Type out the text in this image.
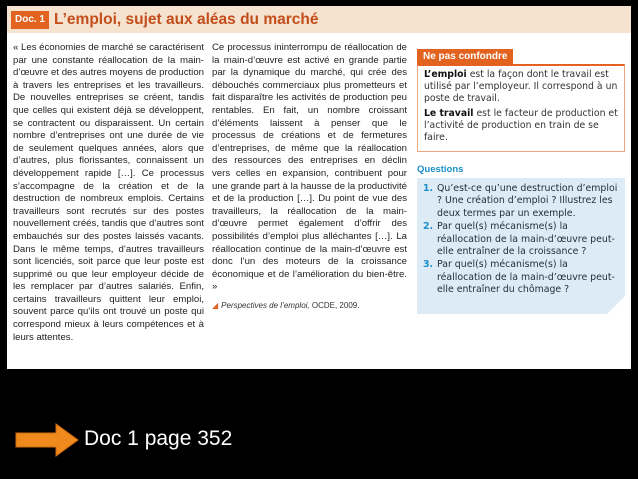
Doc. 1 L’emploi, sujet aux aléas du marché
« Les économies de marché se caractérisent par une constante réallocation de la main-d’œuvre et des autres moyens de production à travers les entreprises et les travailleurs. De nouvelles entreprises se créent, tandis que celles qui existent déjà se développent, se contractent ou disparaissent. Un certain nombre d’entreprises ont une durée de vie de seulement quelques années, alors que d’autres, plus florissantes, connaissent un développement rapide […]. Ce processus s’accompagne de la création et de la destruction de nombreux emplois. Certains travailleurs sont recrutés sur des postes nouvellement créés, tandis que d’autres sont embauchés sur des postes laissés vacants. Dans le même temps, d’autres travailleurs sont licenciés, soit parce que leur poste est supprimé ou que leur employeur décide de les remplacer par d’autres salariés. Enfin, certains travailleurs quittent leur emploi, souvent parce qu’ils ont trouvé un poste qui correspond mieux à leurs compétences et à leurs attentes.
Ce processus ininterrompu de réallocation de la main-d’œuvre est activé en grande partie par la dynamique du marché, qui crée des débouchés commerciaux plus prometteurs et fait disparaître les activités de production peu rentables. En fait, un nombre croissant d’éléments laissent à penser que le processus de créations et de fermetures d’entreprises, de même que la réallocation des ressources des entreprises en déclin vers celles en expansion, contribuent pour une grande part à la hausse de la productivité et de la production […]. Du point de vue des travailleurs, la réallocation de la main-d’œuvre permet également d’offrir des possibilités d’emploi plus alléchantes […]. La réallocation continue de la main-d’œuvre est donc l’un des moteurs de la croissance économique et de l’amélioration du bien-être. »
◢ Perspectives de l’emploi, OCDE, 2009.
Ne pas confondre

L’emploi est la façon dont le travail est utilisé par l’employeur. Il correspond à un poste de travail.

Le travail est le facteur de production et l’activité de production en train de se faire.

Questions
1. Qu’est-ce qu’une destruction d’emploi ? Une création d’emploi ? Illustrez les deux termes par un exemple.
2. Par quel(s) mécanisme(s) la réallocation de la main-d’œuvre peut-elle entraîner de la croissance ?
3. Par quel(s) mécanisme(s) la réallocation de la main-d’œuvre peut-elle entraîner du chômage ?
Doc 1 page 352
